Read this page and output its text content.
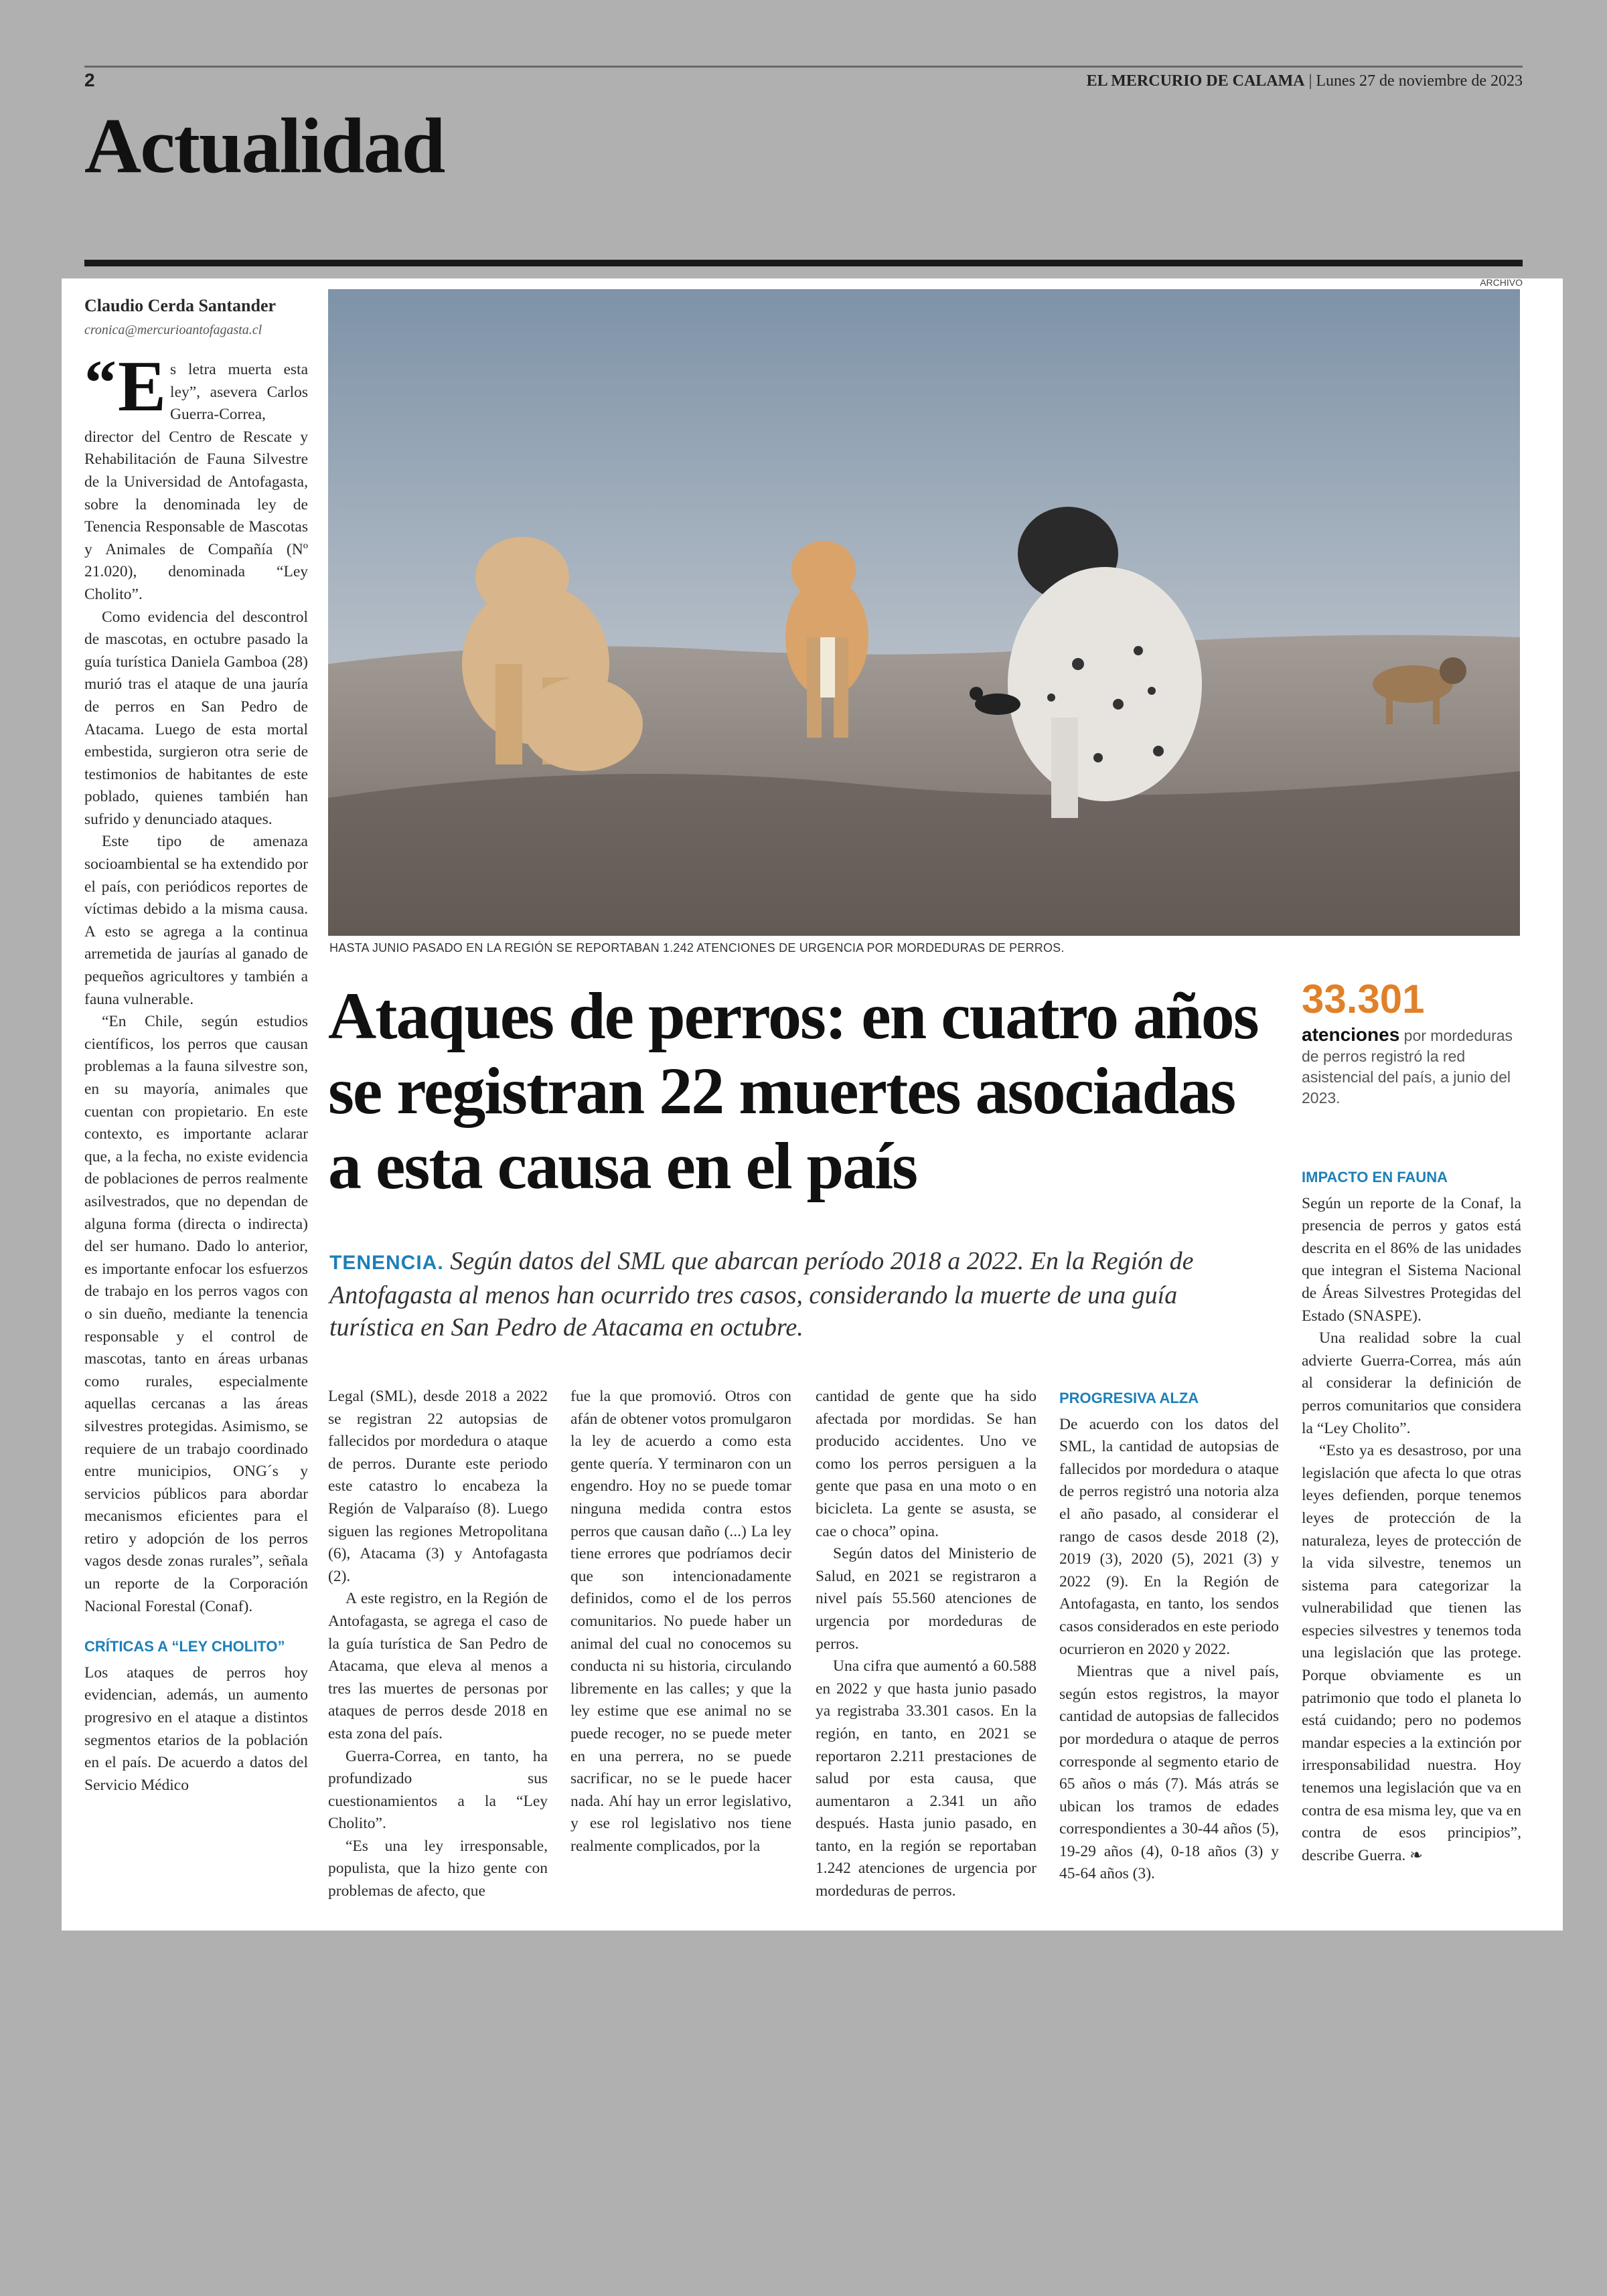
2	EL MERCURIO DE CALAMA | Lunes 27 de noviembre de 2023
Actualidad
Claudio Cerda Santander
cronica@mercurioantofagasta.cl
ARCHIVO
HASTA JUNIO PASADO EN LA REGIÓN SE REPORTABAN 1.242 ATENCIONES DE URGENCIA POR MORDEDURAS DE PERROS.
Ataques de perros: en cuatro años se registran 22 muertes asociadas a esta causa en el país
TENENCIA. Según datos del SML que abarcan período 2018 a 2022. En la Región de Antofagasta al menos han ocurrido tres casos, considerando la muerte de una guía turística en San Pedro de Atacama en octubre.
33.301
atenciones por mordeduras de perros registró la red asistencial del país, a junio del 2023.

“ E s letra muerta esta ley”, asevera Carlos Guerra-Correa, director del Centro de Rescate y Rehabilitación de Fauna Silvestre de la Universidad de Antofagasta, sobre la denominada ley de Tenencia Responsable de Mascotas y Animales de Compañía (Nº 21.020), denominada “Ley Cholito”.

Como evidencia del descontrol de mascotas, en octubre pasado la guía turística Daniela Gamboa (28) murió tras el ataque de una jauría de perros en San Pedro de Atacama. Luego de esta mortal embestida, surgieron otra serie de testimonios de habitantes de este poblado, quienes también han sufrido y denunciado ataques.

Este tipo de amenaza socioambiental se ha extendido por el país, con periódicos reportes de víctimas debido a la misma causa. A esto se agrega a la continua arremetida de jaurías al ganado de pequeños agricultores y también a fauna vulnerable.

“En Chile, según estudios científicos, los perros que causan problemas a la fauna silvestre son, en su mayoría, animales que cuentan con propietario. En este contexto, es importante aclarar que, a la fecha, no existe evidencia de poblaciones de perros realmente asilvestrados, que no dependan de alguna forma (directa o indirecta) del ser humano. Dado lo anterior, es importante enfocar los esfuerzos de trabajo en los perros vagos con o sin dueño, mediante la tenencia responsable y el control de mascotas, tanto en áreas urbanas como rurales, especialmente aquellas cercanas a las áreas silvestres protegidas. Asimismo, se requiere de un trabajo coordinado entre municipios, ONG´s y servicios públicos para abordar mecanismos eficientes para el retiro y adopción de los perros vagos desde zonas rurales”, señala un reporte de la Corporación Nacional Forestal (Conaf).

CRÍTICAS A “LEY CHOLITO”

Los ataques de perros hoy evidencian, además, un aumento progresivo en el ataque a distintos segmentos etarios de la población en el país. De acuerdo a datos del Servicio Médico

Legal (SML), desde 2018 a 2022 se registran 22 autopsias de fallecidos por mordedura o ataque de perros. Durante este periodo este catastro lo encabeza la Región de Valparaíso (8). Luego siguen las regiones Metropolitana (6), Atacama (3) y Antofagasta (2).

A este registro, en la Región de Antofagasta, se agrega el caso de la guía turística de San Pedro de Atacama, que eleva al menos a tres las muertes de personas por ataques de perros desde 2018 en esta zona del país.

Guerra-Correa, en tanto, ha profundizado sus cuestionamientos a la “Ley Cholito”.

“Es una ley irresponsable, populista, que la hizo gente con problemas de afecto, que

fue la que promovió. Otros con afán de obtener votos promulgaron la ley de acuerdo a como esta gente quería. Y terminaron con un engendro. Hoy no se puede tomar ninguna medida contra estos perros que causan daño (...) La ley tiene errores que podríamos decir que son intencionadamente definidos, como el de los perros comunitarios. No puede haber un animal del cual no conocemos su conducta ni su historia, circulando libremente en las calles; y que la ley estime que ese animal no se puede recoger, no se puede meter en una perrera, no se puede sacrificar, no se le puede hacer nada. Ahí hay un error legislativo, y ese rol legislativo nos tiene realmente complicados, por la

cantidad de gente que ha sido afectada por mordidas. Se han producido accidentes. Uno ve como los perros persiguen a la gente que pasa en una moto o en bicicleta. La gente se asusta, se cae o choca” opina.

Según datos del Ministerio de Salud, en 2021 se registraron a nivel país 55.560 atenciones de urgencia por mordeduras de perros.

Una cifra que aumentó a 60.588 en 2022 y que hasta junio pasado ya registraba 33.301 casos. En la región, en tanto, en 2021 se reportaron 2.211 prestaciones de salud por esta causa, que aumentaron a 2.341 un año después. Hasta junio pasado, en tanto, en la región se reportaban 1.242 atenciones de urgencia por mordeduras de perros.

PROGRESIVA ALZA

De acuerdo con los datos del SML, la cantidad de autopsias de fallecidos por mordedura o ataque de perros registró una notoria alza el año pasado, al considerar el rango de casos desde 2018 (2), 2019 (3), 2020 (5), 2021 (3) y 2022 (9). En la Región de Antofagasta, en tanto, los sendos casos considerados en este periodo ocurrieron en 2020 y 2022.

Mientras que a nivel país, según estos registros, la mayor cantidad de autopsias de fallecidos por mordedura o ataque de perros corresponde al segmento etario de 65 años o más (7). Más atrás se ubican los tramos de edades correspondientes a 30-44 años (5), 19-29 años (4), 0-18 años (3) y 45-64 años (3).

IMPACTO EN FAUNA

Según un reporte de la Conaf, la presencia de perros y gatos está descrita en el 86% de las unidades que integran el Sistema Nacional de Áreas Silvestres Protegidas del Estado (SNASPE).

Una realidad sobre la cual advierte Guerra-Correa, más aún al considerar la definición de perros comunitarios que considera la “Ley Cholito”.

“Esto ya es desastroso, por una legislación que afecta lo que otras leyes defienden, porque tenemos leyes de protección de la naturaleza, leyes de protección de la vida silvestre, tenemos un sistema para categorizar la vulnerabilidad que tienen las especies silvestres y tenemos toda una legislación que las protege. Porque obviamente es un patrimonio que todo el planeta lo está cuidando; pero no podemos mandar especies a la extinción por irresponsabilidad nuestra. Hoy tenemos una legislación que va en contra de esa misma ley, que va en contra de esos principios”, describe Guerra. ❧
